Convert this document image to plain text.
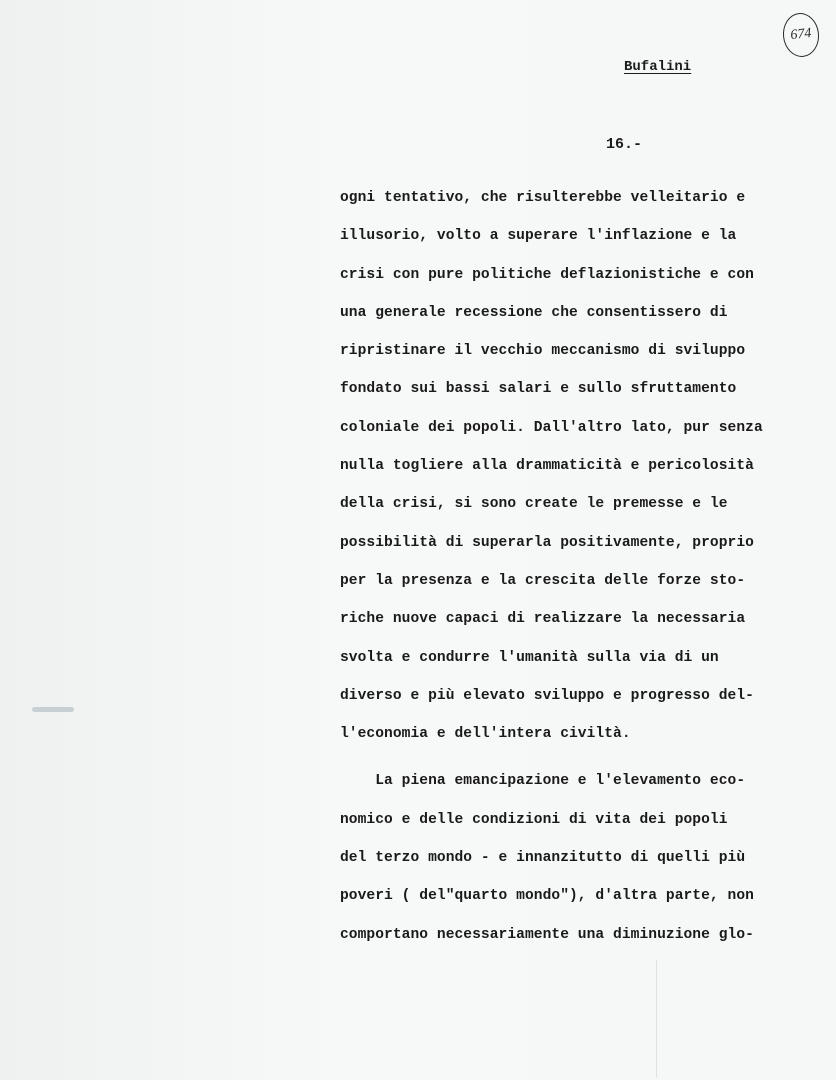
674
Bufalini
16.-
ogni tentativo, che risulterebbe velleitario e
illusorio, volto a superare l'inflazione e la
crisi con pure politiche deflazionistiche e con
una generale recessione che consentissero di
ripristinare il vecchio meccanismo di sviluppo
fondato sui bassi salari e sullo sfruttamento
coloniale dei popoli. Dall'altro lato, pur senza
nulla togliere alla drammaticità e pericolosità
della crisi, si sono create le premesse e le
possibilità di superarla positivamente, proprio
per la presenza e la crescita delle forze sto-
riche nuove capaci di realizzare la necessaria
svolta e condurre l'umanità sulla via di un
diverso e più elevato sviluppo e progresso del-
l'economia e dell'intera civiltà.
La piena emancipazione e l'elevamento eco-
nomico e delle condizioni di vita dei popoli
del terzo mondo - e innanzitutto di quelli più
poveri ( del"quarto mondo"), d'altra parte, non
comportano necessariamente una diminuzione glo-
